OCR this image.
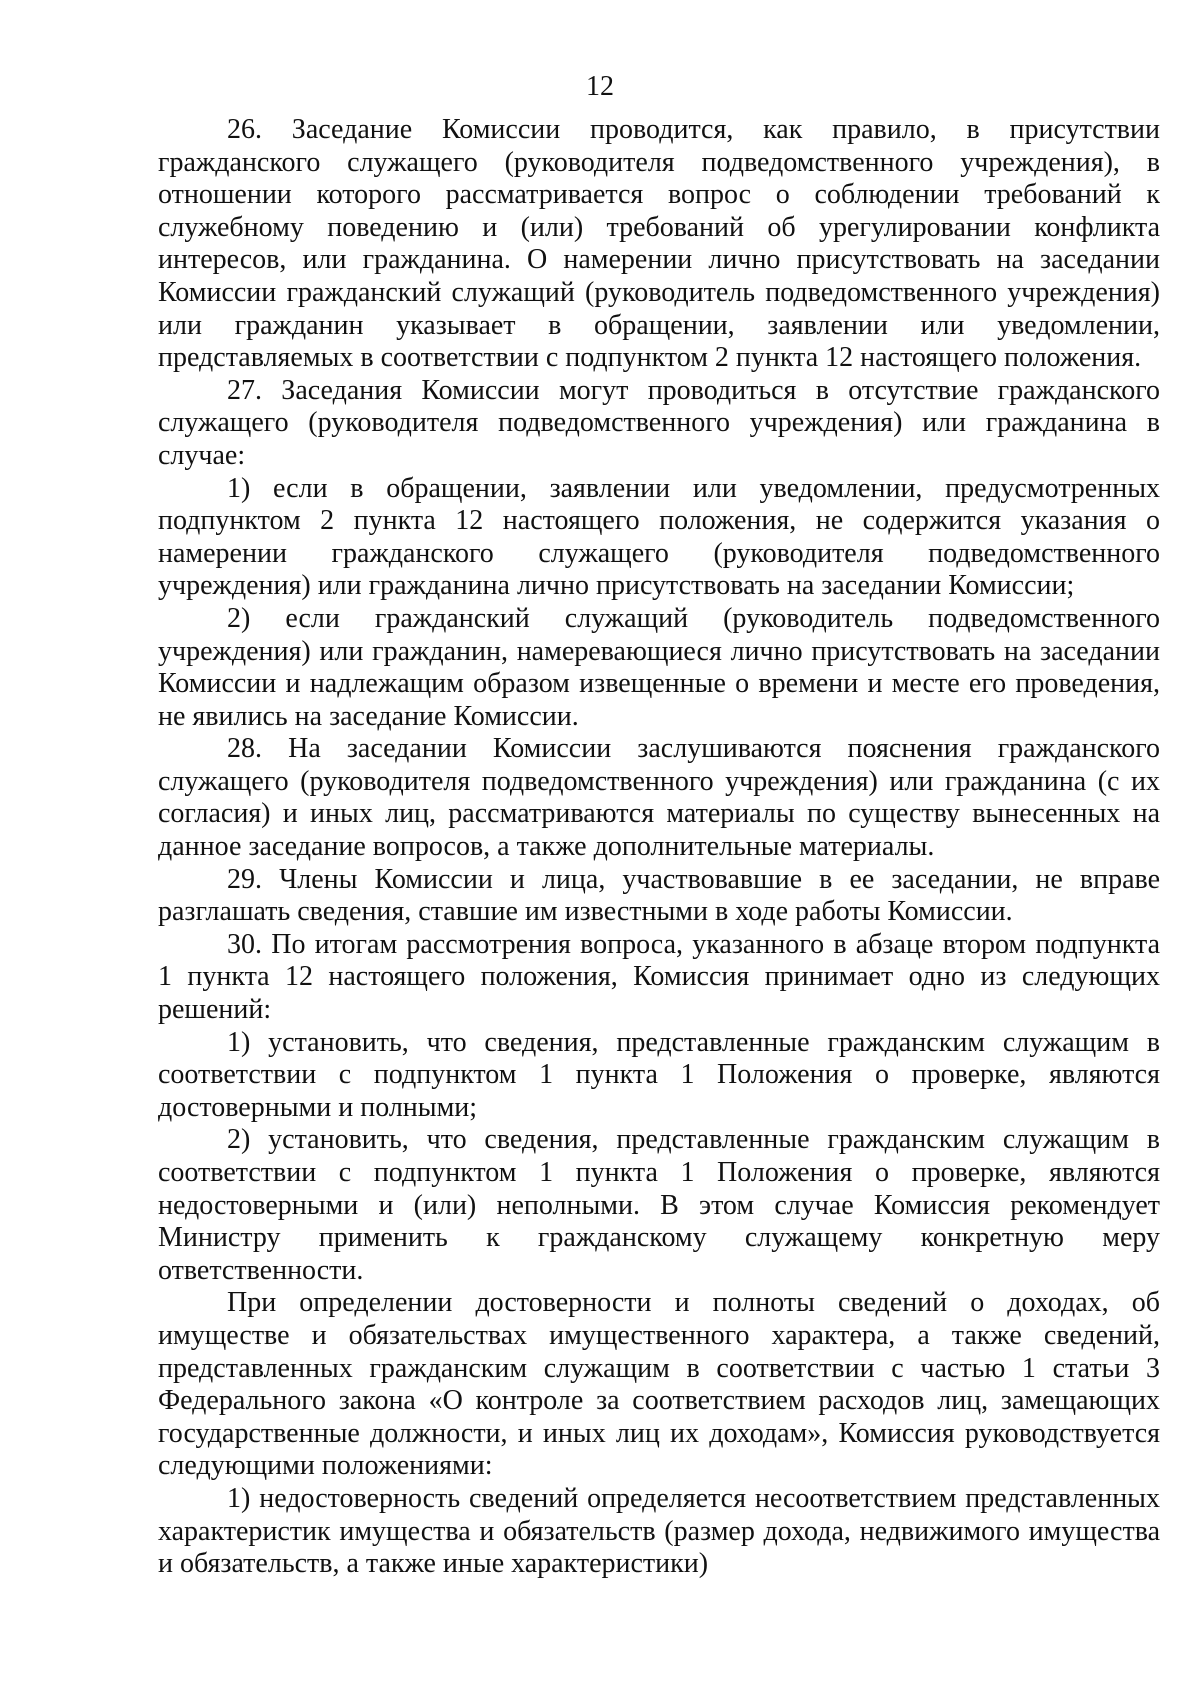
12

26. Заседание Комиссии проводится, как правило, в присутствии гражданского служащего (руководителя подведомственного учреждения), в отношении которого рассматривается вопрос о соблюдении требований к служебному поведению и (или) требований об урегулировании конфликта интересов, или гражданина. О намерении лично присутствовать на заседании Комиссии гражданский служащий (руководитель подведомственного учреждения) или гражданин указывает в обращении, заявлении или уведомлении, представляемых в соответствии с подпунктом 2 пункта 12 настоящего положения.

27. Заседания Комиссии могут проводиться в отсутствие гражданского служащего (руководителя подведомственного учреждения) или гражданина в случае:

1) если в обращении, заявлении или уведомлении, предусмотренных подпунктом 2 пункта 12 настоящего положения, не содержится указания о намерении гражданского служащего (руководителя подведомственного учреждения) или гражданина лично присутствовать на заседании Комиссии;

2) если гражданский служащий (руководитель подведомственного учреждения) или гражданин, намеревающиеся лично присутствовать на заседании Комиссии и надлежащим образом извещенные о времени и месте его проведения, не явились на заседание Комиссии.

28. На заседании Комиссии заслушиваются пояснения гражданского служащего (руководителя подведомственного учреждения) или гражданина (с их согласия) и иных лиц, рассматриваются материалы по существу вынесенных на данное заседание вопросов, а также дополнительные материалы.

29. Члены Комиссии и лица, участвовавшие в ее заседании, не вправе разглашать сведения, ставшие им известными в ходе работы Комиссии.

30. По итогам рассмотрения вопроса, указанного в абзаце втором подпункта 1 пункта 12 настоящего положения, Комиссия принимает одно из следующих решений:

1) установить, что сведения, представленные гражданским служащим в соответствии с подпунктом 1 пункта 1 Положения о проверке, являются достоверными и полными;

2) установить, что сведения, представленные гражданским служащим в соответствии с подпунктом 1 пункта 1 Положения о проверке, являются недостоверными и (или) неполными. В этом случае Комиссия рекомендует Министру применить к гражданскому служащему конкретную меру ответственности.

При определении достоверности и полноты сведений о доходах, об имуществе и обязательствах имущественного характера, а также сведений, представленных гражданским служащим в соответствии с частью 1 статьи 3 Федерального закона «О контроле за соответствием расходов лиц, замещающих государственные должности, и иных лиц их доходам», Комиссия руководствуется следующими положениями:

1) недостоверность сведений определяется несоответствием представленных характеристик имущества и обязательств (размер дохода, недвижимого имущества и обязательств, а также иные характеристики)
